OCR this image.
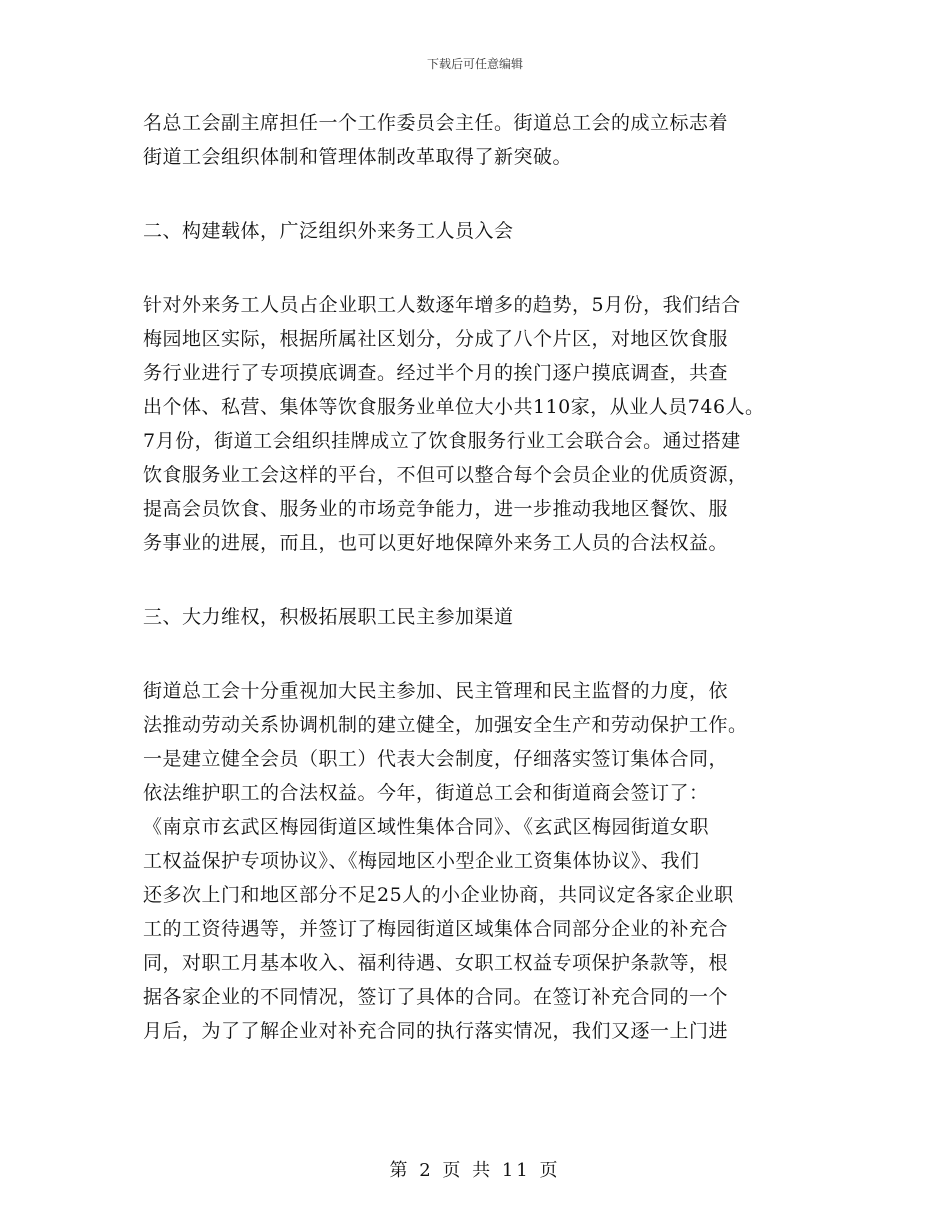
下载后可任意编辑
名总工会副主席担任一个工作委员会主任。街道总工会的成立标志着
街道工会组织体制和管理体制改革取得了新突破。
二、构建载体，广泛组织外来务工人员入会
针对外来务工人员占企业职工人数逐年增多的趋势，5月份，我们结合
梅园地区实际，根据所属社区划分，分成了八个片区，对地区饮食服
务行业进行了专项摸底调查。经过半个月的挨门逐户摸底调查，共查
出个体、私营、集体等饮食服务业单位大小共110家，从业人员746人。
7月份，街道工会组织挂牌成立了饮食服务行业工会联合会。通过搭建
饮食服务业工会这样的平台，不但可以整合每个会员企业的优质资源，
提高会员饮食、服务业的市场竞争能力，进一步推动我地区餐饮、服
务事业的进展，而且，也可以更好地保障外来务工人员的合法权益。
三、大力维权，积极拓展职工民主参加渠道
街道总工会十分重视加大民主参加、民主管理和民主监督的力度，依
法推动劳动关系协调机制的建立健全，加强安全生产和劳动保护工作。
一是建立健全会员（职工）代表大会制度，仔细落实签订集体合同，
依法维护职工的合法权益。今年，街道总工会和街道商会签订了：
《南京市玄武区梅园街道区域性集体合同》、《玄武区梅园街道女职
工权益保护专项协议》、《梅园地区小型企业工资集体协议》、我们
还多次上门和地区部分不足25人的小企业协商，共同议定各家企业职
工的工资待遇等，并签订了梅园街道区域集体合同部分企业的补充合
同，对职工月基本收入、福利待遇、女职工权益专项保护条款等，根
据各家企业的不同情况，签订了具体的合同。在签订补充合同的一个
月后，为了了解企业对补充合同的执行落实情况，我们又逐一上门进
第 2 页 共 11 页
